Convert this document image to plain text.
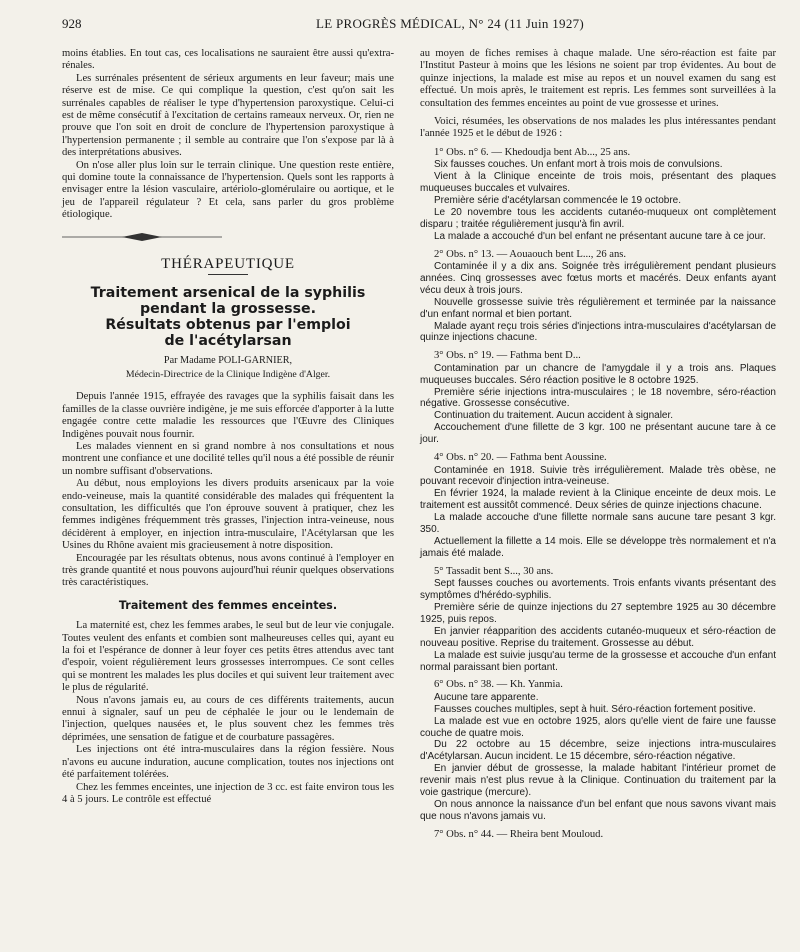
928	LE PROGRÈS MÉDICAL, N° 24 (11 Juin 1927)

moins établies. En tout cas, ces localisations ne sauraient être aussi qu'extra-rénales.

Les surrénales présentent de sérieux arguments en leur faveur; mais une réserve est de mise. Ce qui complique la question, c'est qu'on sait les surrénales capables de réaliser le type d'hypertension paroxystique. Celui-ci est de même consécutif à l'excitation de certains rameaux nerveux. Or, rien ne prouve que l'on soit en droit de conclure de l'hypertension paroxystique à l'hypertension permanente ; il semble au contraire que l'on s'expose par là à des interprétations abusives.

On n'ose aller plus loin sur le terrain clinique. Une question reste entière, qui domine toute la connaissance de l'hypertension. Quels sont les rapports à envisager entre la lésion vasculaire, artériolo-glomérulaire ou aortique, et le jeu de l'appareil régulateur ? Et cela, sans parler du gros problème étiologique.

THÉRAPEUTIQUE
Traitement arsenical de la syphilis
pendant la grossesse.
Résultats obtenus par l'emploi
de l'acétylarsan
Par Madame POLI-GARNIER,
Médecin-Directrice de la Clinique Indigène d'Alger.

Depuis l'année 1915, effrayée des ravages que la syphilis faisait dans les familles de la classe ouvrière indigène, je me suis efforcée d'apporter à la lutte engagée contre cette maladie les ressources que l'Œuvre des Cliniques Indigènes pouvait nous fournir.

Les malades viennent en si grand nombre à nos consultations et nous montrent une confiance et une docilité telles qu'il nous a été possible de réunir un nombre suffisant d'observations.

Au début, nous employions les divers produits arsenicaux par la voie endo-veineuse, mais la quantité considérable des malades qui fréquentent la consultation, les difficultés que l'on éprouve souvent à pratiquer, chez les femmes indigènes fréquemment très grasses, l'injection intra-veineuse, nous décidèrent à employer, en injection intra-musculaire, l'Acétylarsan que les Usines du Rhône avaient mis gracieusement à notre disposition.

Encouragée par les résultats obtenus, nous avons continué à l'employer en très grande quantité et nous pouvons aujourd'hui réunir quelques observations très caractéristiques.

Traitement des femmes enceintes.

La maternité est, chez les femmes arabes, le seul but de leur vie conjugale. Toutes veulent des enfants et combien sont malheureuses celles qui, ayant eu la foi et l'espérance de donner à leur foyer ces petits êtres attendus avec tant d'espoir, voient régulièrement leurs grossesses interrompues. Ce sont celles qui se montrent les malades les plus dociles et qui suivent leur traitement avec le plus de régularité.

Nous n'avons jamais eu, au cours de ces différents traitements, aucun ennui à signaler, sauf un peu de céphalée le jour ou le lendemain de l'injection, quelques nausées et, le plus souvent chez les femmes très déprimées, une sensation de fatigue et de courbature passagères.

Les injections ont été intra-musculaires dans la région fessière. Nous n'avons eu aucune induration, aucune complication, toutes nos injections ont été parfaitement tolérées.

Chez les femmes enceintes, une injection de 3 cc. est faite environ tous les 4 à 5 jours. Le contrôle est effectué

au moyen de fiches remises à chaque malade. Une séro-réaction est faite par l'Institut Pasteur à moins que les lésions ne soient par trop évidentes. Au bout de quinze injections, la malade est mise au repos et un nouvel examen du sang est effectué. Un mois après, le traitement est repris. Les femmes sont surveillées à la consultation des femmes enceintes au point de vue grossesse et urines.

Voici, résumées, les observations de nos malades les plus intéressantes pendant l'année 1925 et le début de 1926 :

1° Obs. n° 6. — Khedoudja bent Ab..., 25 ans.

Six fausses couches. Un enfant mort à trois mois de convulsions.

Vient à la Clinique enceinte de trois mois, présentant des plaques muqueuses buccales et vulvaires.

Première série d'acétylarsan commencée le 19 octobre.

Le 20 novembre tous les accidents cutanéo-muqueux ont complètement disparu ; traitée régulièrement jusqu'à fin avril.

La malade a accouché d'un bel enfant ne présentant aucune tare à ce jour.

2° Obs. n° 13. — Aouaouch bent L..., 26 ans.

Contaminée il y a dix ans. Soignée très irrégulièrement pendant plusieurs années. Cinq grossesses avec fœtus morts et macérés. Deux enfants ayant vécu deux à trois jours.

Nouvelle grossesse suivie très régulièrement et terminée par la naissance d'un enfant normal et bien portant.

Malade ayant reçu trois séries d'injections intra-musculaires d'acétylarsan de quinze injections chacune.

3° Obs. n° 19. — Fathma bent D...

Contamination par un chancre de l'amygdale il y a trois ans. Plaques muqueuses buccales. Séro réaction positive le 8 octobre 1925.

Première série injections intra-musculaires ; le 18 novembre, séro-réaction négative. Grossesse consécutive.

Continuation du traitement. Aucun accident à signaler.

Accouchement d'une fillette de 3 kgr. 100 ne présentant aucune tare à ce jour.

4° Obs. n° 20. — Fathma bent Aoussine.

Contaminée en 1918. Suivie très irrégulièrement. Malade très obèse, ne pouvant recevoir d'injection intra-veineuse.

En février 1924, la malade revient à la Clinique enceinte de deux mois. Le traitement est aussitôt commencé. Deux séries de quinze injections chacune.

La malade accouche d'une fillette normale sans aucune tare pesant 3 kgr. 350.

Actuellement la fillette a 14 mois. Elle se développe très normalement et n'a jamais été malade.

5° Tassadit bent S..., 30 ans.

Sept fausses couches ou avortements. Trois enfants vivants présentant des symptômes d'hérédo-syphilis.

Première série de quinze injections du 27 septembre 1925 au 30 décembre 1925, puis repos.

En janvier réapparition des accidents cutanéo-muqueux et séro-réaction de nouveau positive. Reprise du traitement. Grossesse au début.

La malade est suivie jusqu'au terme de la grossesse et accouche d'un enfant normal paraissant bien portant.

6° Obs. n° 38. — Kh. Yanmia.

Aucune tare apparente.

Fausses couches multiples, sept à huit. Séro-réaction fortement positive.

La malade est vue en octobre 1925, alors qu'elle vient de faire une fausse couche de quatre mois.

Du 22 octobre au 15 décembre, seize injections intra-musculaires d'Acétylarsan. Aucun incident. Le 15 décembre, séro-réaction négative.

En janvier début de grossesse, la malade habitant l'intérieur promet de revenir mais n'est plus revue à la Clinique. Continuation du traitement par la voie gastrique (mercure).

On nous annonce la naissance d'un bel enfant que nous savons vivant mais que nous n'avons jamais vu.

7° Obs. n° 44. — Rheira bent Mouloud.
